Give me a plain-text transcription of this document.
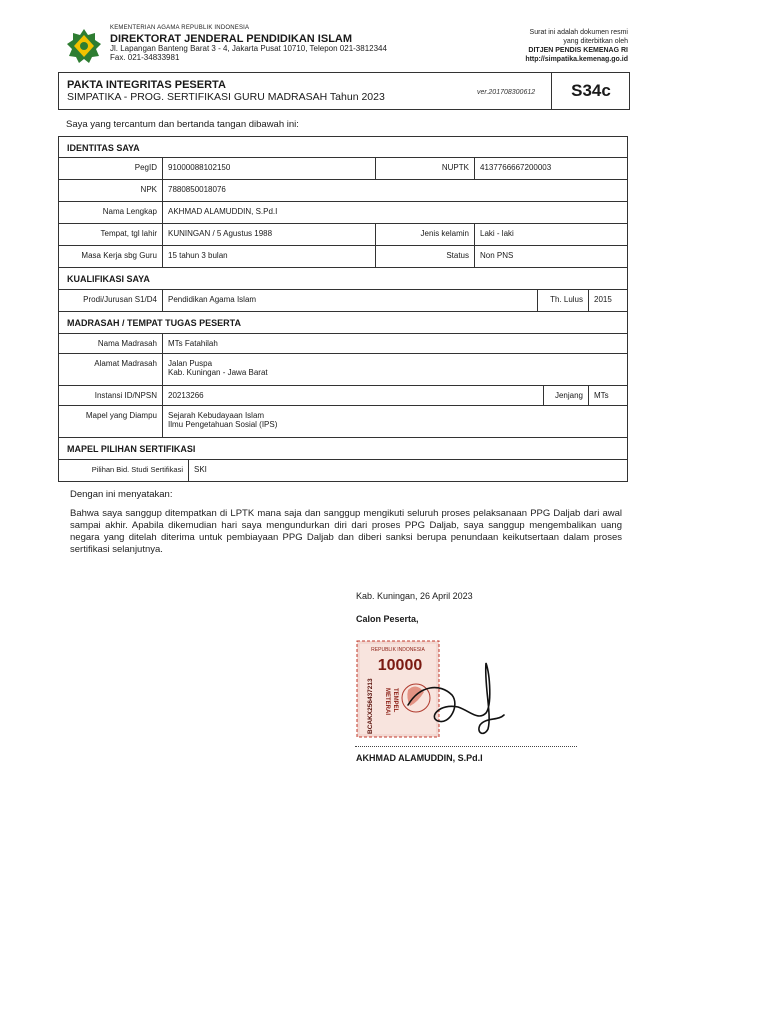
KEMENTERIAN AGAMA REPUBLIK INDONESIA
DIREKTORAT JENDERAL PENDIDIKAN ISLAM
Jl. Lapangan Banteng Barat 3 - 4, Jakarta Pusat 10710, Telepon 021-3812344
Fax. 021-34833981
Surat ini adalah dokumen resmi
yang diterbitkan oleh
DITJEN PENDIS KEMENAG RI
http://simpatika.kemenag.go.id
PAKTA INTEGRITAS PESERTA
SIMPATIKA - PROG. SERTIFIKASI GURU MADRASAH Tahun 2023	ver.201708300612	S34c
Saya yang tercantum dan bertanda tangan dibawah ini:
IDENTITAS SAYA
PegID	91000088102150	NUPTK	4137766667200003
NPK	7880850018076
Nama Lengkap	AKHMAD ALAMUDDIN, S.Pd.I
Tempat, tgl lahir	KUNINGAN / 5 Agustus 1988	Jenis kelamin	Laki - laki
Masa Kerja sbg Guru	15 tahun 3 bulan	Status	Non PNS
KUALIFIKASI SAYA
Prodi/Jurusan S1/D4	Pendidikan Agama Islam	Th. Lulus	2015
MADRASAH / TEMPAT TUGAS PESERTA
Nama Madrasah	MTs Fatahilah
Alamat Madrasah	Jalan Puspa
Kab. Kuningan - Jawa Barat
Instansi ID/NPSN	20213266	Jenjang	MTs
Mapel yang Diampu	Sejarah Kebudayaan Islam
Ilmu Pengetahuan Sosial (IPS)
MAPEL PILIHAN SERTIFIKASI
Pilihan Bid. Studi Sertifikasi	SKI
Dengan ini menyatakan:
Bahwa saya sanggup ditempatkan di LPTK mana saja dan sanggup mengikuti seluruh proses pelaksanaan PPG Daljab dari awal sampai akhir. Apabila dikemudian hari saya mengundurkan diri dari proses PPG Daljab, saya sanggup mengembalikan uang negara yang ditelah diterima untuk pembiayaan PPG Daljab dan diberi sanksi berupa penundaan keikutsertaan dalam proses sertifikasi selanjutnya.
Kab. Kuningan, 26 April 2023
Calon Peserta,
REPUBLIK INDONESIA
10000
BCAKX256437213 METERAI TEMPEL
AKHMAD ALAMUDDIN, S.Pd.I
